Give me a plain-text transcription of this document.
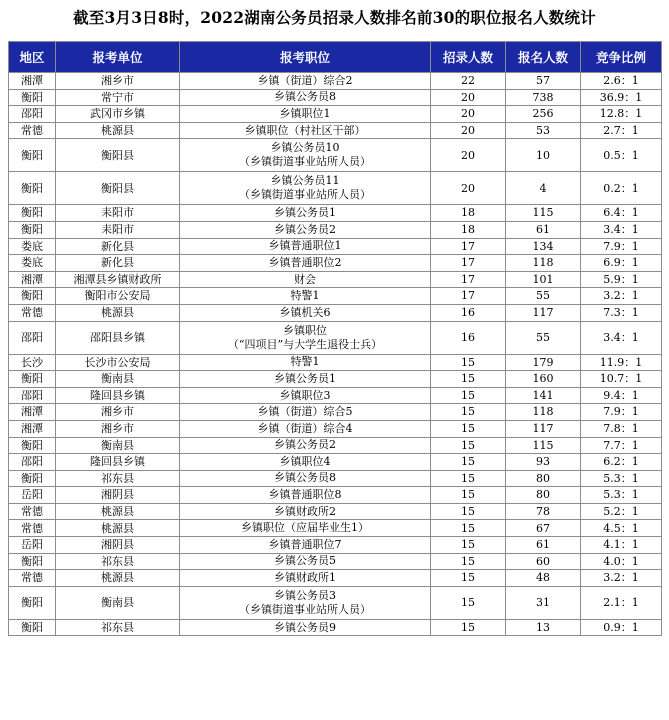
截至3月3日8时，2022湖南公务员招录人数排名前30的职位报名人数统计
地区	报考单位	报考职位	招录人数	报名人数	竞争比例
湘潭	湘乡市	乡镇（街道）综合2	22	57	2.6：1
衡阳	常宁市	乡镇公务员8	20	738	36.9：1
邵阳	武冈市乡镇	乡镇职位1	20	256	12.8：1
常德	桃源县	乡镇职位（村社区干部）	20	53	2.7：1
衡阳	衡阳县	乡镇公务员10
（乡镇街道事业站所人员）	20	10	0.5：1
衡阳	衡阳县	乡镇公务员11
（乡镇街道事业站所人员）	20	4	0.2：1
衡阳	耒阳市	乡镇公务员1	18	115	6.4：1
衡阳	耒阳市	乡镇公务员2	18	61	3.4：1
娄底	新化县	乡镇普通职位1	17	134	7.9：1
娄底	新化县	乡镇普通职位2	17	118	6.9：1
湘潭	湘潭县乡镇财政所	财会	17	101	5.9：1
衡阳	衡阳市公安局	特警1	17	55	3.2：1
常德	桃源县	乡镇机关6	16	117	7.3：1
邵阳	邵阳县乡镇	乡镇职位
（“四项目”与大学生退役士兵）	16	55	3.4：1
长沙	长沙市公安局	特警1	15	179	11.9：1
衡阳	衡南县	乡镇公务员1	15	160	10.7：1
邵阳	隆回县乡镇	乡镇职位3	15	141	9.4：1
湘潭	湘乡市	乡镇（街道）综合5	15	118	7.9：1
湘潭	湘乡市	乡镇（街道）综合4	15	117	7.8：1
衡阳	衡南县	乡镇公务员2	15	115	7.7：1
邵阳	隆回县乡镇	乡镇职位4	15	93	6.2：1
衡阳	祁东县	乡镇公务员8	15	80	5.3：1
岳阳	湘阴县	乡镇普通职位8	15	80	5.3：1
常德	桃源县	乡镇财政所2	15	78	5.2：1
常德	桃源县	乡镇职位（应届毕业生1）	15	67	4.5：1
岳阳	湘阴县	乡镇普通职位7	15	61	4.1：1
衡阳	祁东县	乡镇公务员5	15	60	4.0：1
常德	桃源县	乡镇财政所1	15	48	3.2：1
衡阳	衡南县	乡镇公务员3
（乡镇街道事业站所人员）	15	31	2.1：1
衡阳	祁东县	乡镇公务员9	15	13	0.9：1
